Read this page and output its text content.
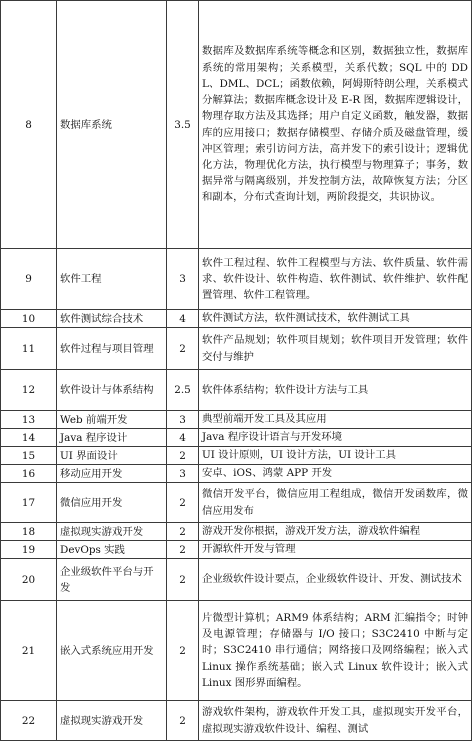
8	数据库系统	3.5	数据库及数据库系统等概念和区别，数据独立性，数据库系统的常用架构；关系模型，关系代数；SQL 中的 DDL、DML、DCL；函数依赖，阿姆斯特朗公理，关系模式分解算法；数据库概念设计及 E-R 图，数据库逻辑设计，物理存取方法及其选择；用户自定义函数，触发器，数据库的应用接口；数据存储模型、存储介质及磁盘管理，缓冲区管理；索引访问方法，高并发下的索引设计；逻辑优化方法，物理优化方法，执行模型与物理算子；事务，数据异常与隔离级别，并发控制方法，故障恢复方法；分区和副本，分布式查询计划，两阶段提交，共识协议。
9	软件工程	3	软件工程过程、软件工程模型与方法、软件质量、软件需求、软件设计、软件构造、软件测试、软件维护、软件配置管理、软件工程管理。
10	软件测试综合技术	4	软件测试方法，软件测试技术，软件测试工具
11	软件过程与项目管理	2	软件产品规划；软件项目规划；软件项目开发管理；软件交付与维护
12	软件设计与体系结构	2.5	软件体系结构；软件设计方法与工具
13	Web 前端开发	3	典型前端开发工具及其应用
14	Java 程序设计	4	Java 程序设计语言与开发环境
15	UI 界面设计	2	UI 设计原则，UI 设计方法，UI 设计工具
16	移动应用开发	3	安卓、iOS、鸿蒙 APP 开发
17	微信应用开发	2	微信开发平台，微信应用工程组成，微信开发函数库，微信应用发布
18	虚拟现实游戏开发	2	游戏开发你根据，游戏开发方法，游戏软件编程
19	DevOps 实践	2	开源软件开发与管理
20	企业级软件平台与开发	2	企业级软件设计要点，企业级软件设计、开发、测试技术
21	嵌入式系统应用开发	2	片微型计算机；ARM9 体系结构；ARM 汇编指令；时钟及电源管理；存储器与 I/O 接口；S3C2410 中断与定时；S3C2410 串行通信；网络接口及网络编程；嵌入式 Linux 操作系统基础；嵌入式 Linux 软件设计；嵌入式 Linux 图形界面编程。
22	虚拟现实游戏开发	2	游戏软件架构，游戏软件开发工具，虚拟现实开发平台，虚拟现实游戏软件设计、编程、测试
